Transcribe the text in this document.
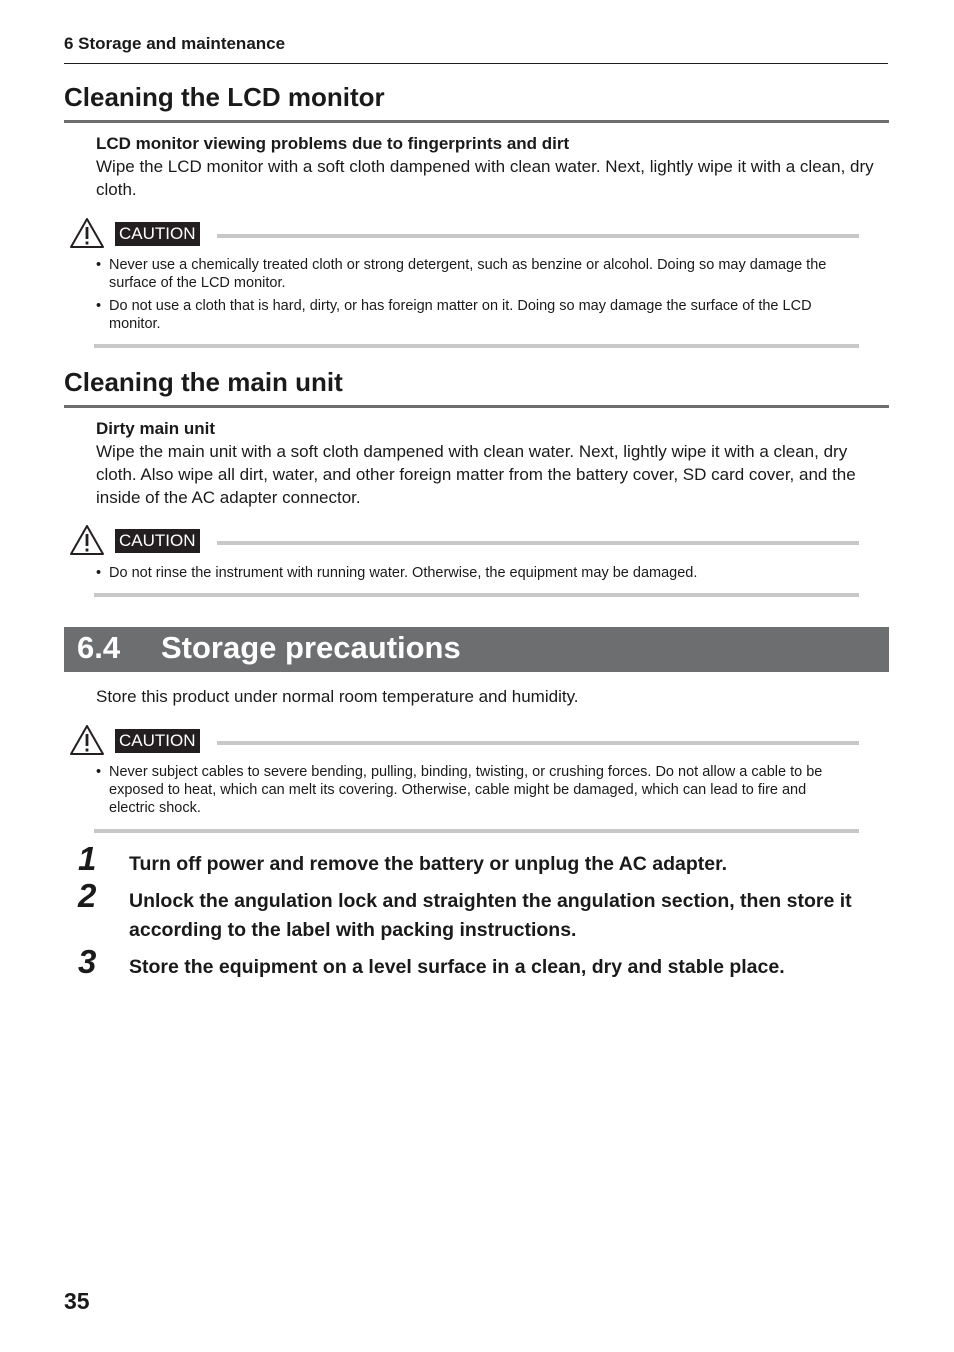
6 Storage and maintenance
Cleaning the LCD monitor
LCD monitor viewing problems due to fingerprints and dirt
Wipe the LCD monitor with a soft cloth dampened with clean water. Next, lightly wipe it with a clean, dry cloth.
CAUTION
• Never use a chemically treated cloth or strong detergent, such as benzine or alcohol. Doing so may damage the surface of the LCD monitor.
• Do not use a cloth that is hard, dirty, or has foreign matter on it. Doing so may damage the surface of the LCD monitor.
Cleaning the main unit
Dirty main unit
Wipe the main unit with a soft cloth dampened with clean water. Next, lightly wipe it with a clean, dry cloth. Also wipe all dirt, water, and other foreign matter from the battery cover, SD card cover, and the inside of the AC adapter connector.
CAUTION
• Do not rinse the instrument with running water. Otherwise, the equipment may be damaged.
6.4 Storage precautions
Store this product under normal room temperature and humidity.
CAUTION
• Never subject cables to severe bending, pulling, binding, twisting, or crushing forces. Do not allow a cable to be exposed to heat, which can melt its covering. Otherwise, cable might be damaged, which can lead to fire and electric shock.
1 Turn off power and remove the battery or unplug the AC adapter.
2 Unlock the angulation lock and straighten the angulation section, then store it according to the label with packing instructions.
3 Store the equipment on a level surface in a clean, dry and stable place.
35
